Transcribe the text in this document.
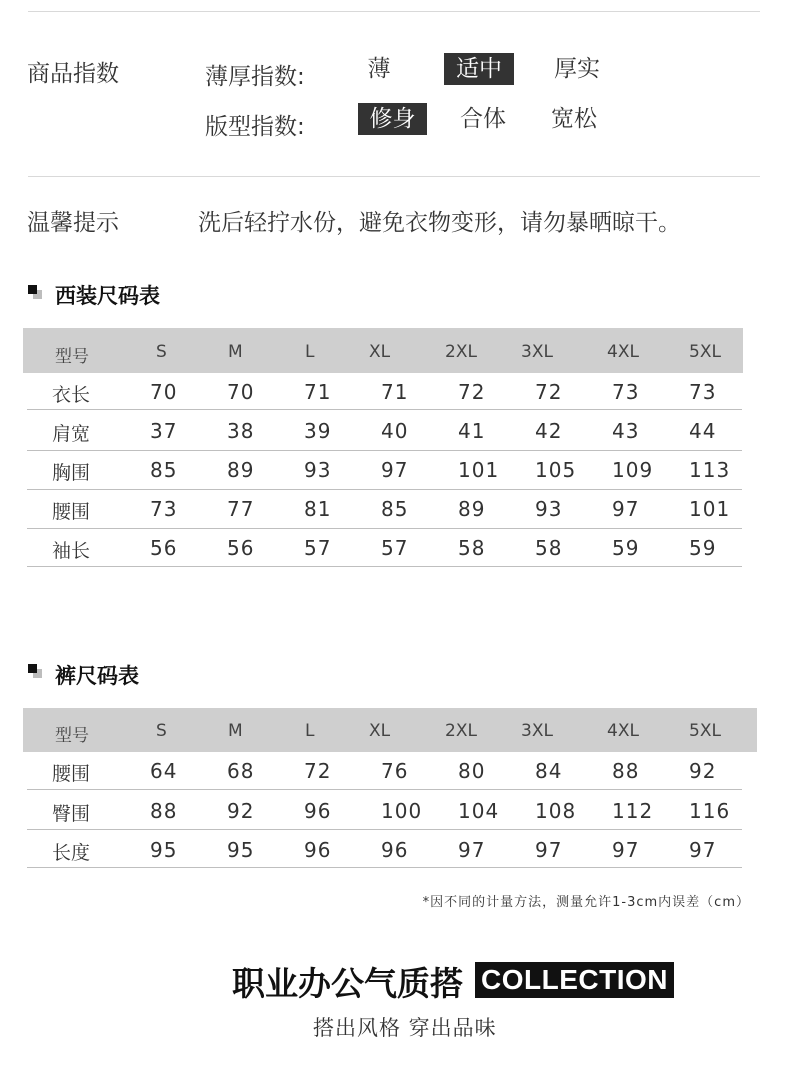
商品指数	薄厚指数:	薄	适中	厚实
版型指数:	修身	合体	宽松
温馨提示	洗后轻拧水份，避免衣物变形，请勿暴晒晾干。
西装尺码表
型号	S	M	L	XL	2XL	3XL	4XL	5XL
衣长	70 70 71 71 72 72 73 73
肩宽	37 38 39 40 41 42 43 44
胸围	85 89 93 97 101 105 109 113
腰围	73 77 81 85 89 93 97 101
袖长	56 56 57 57 58 58 59 59
裤尺码表
型号	S	M	L	XL	2XL	3XL	4XL	5XL
腰围	64 68 72 76 80 84 88 92
臀围	88 92 96 100 104 108 112 116
长度	95 95 96 96 97 97 97 97
*因不同的计量方法，测量允许1-3cm内误差（cm）
职业办公气质搭 COLLECTION
搭出风格 穿出品味
